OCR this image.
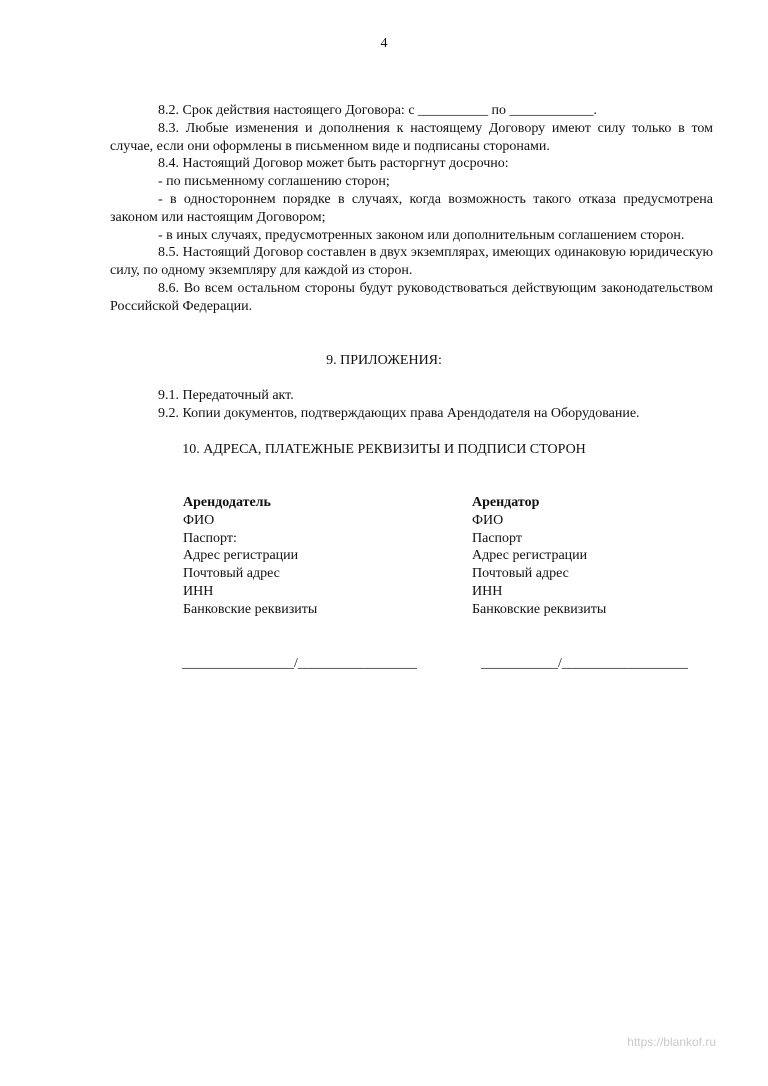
4

8.2. Срок действия настоящего Договора: с __________ по ____________.

8.3. Любые изменения и дополнения к настоящему Договору имеют силу только в том случае, если они оформлены в письменном виде и подписаны сторонами.

8.4. Настоящий Договор может быть расторгнут досрочно:

- по письменному соглашению сторон;

- в одностороннем порядке в случаях, когда возможность такого отказа предусмотрена законом или настоящим Договором;

- в иных случаях, предусмотренных законом или дополнительным соглашением сторон.

8.5. Настоящий Договор составлен в двух экземплярах, имеющих одинаковую юридическую силу, по одному экземпляру для каждой из сторон.

8.6. Во всем остальном стороны будут руководствоваться действующим законодательством Российской Федерации.

9. ПРИЛОЖЕНИЯ:

9.1. Передаточный акт.

9.2. Копии документов, подтверждающих права Арендодателя на Оборудование.

10. АДРЕСА, ПЛАТЕЖНЫЕ РЕКВИЗИТЫ И ПОДПИСИ СТОРОН
Арендодатель
ФИО
Паспорт:
Адрес регистрации
Почтовый адрес
ИНН
Банковские реквизиты
Арендатор
ФИО
Паспорт
Адрес регистрации
Почтовый адрес
ИНН
Банковские реквизиты
________________/_________________	___________/__________________
https://blankof.ru
